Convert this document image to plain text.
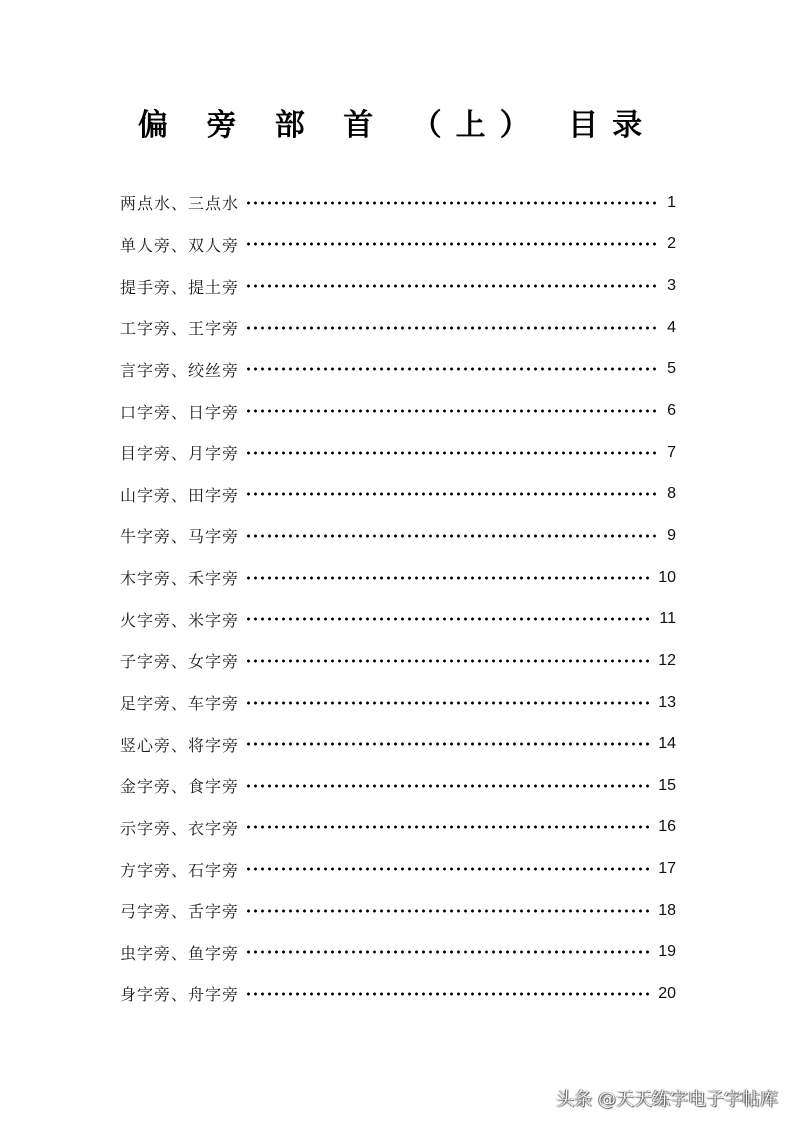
偏 旁 部 首 （上） 目录
两点水、三点水	1
单人旁、双人旁	2
提手旁、提土旁	3
工字旁、王字旁	4
言字旁、绞丝旁	5
口字旁、日字旁	6
目字旁、月字旁	7
山字旁、田字旁	8
牛字旁、马字旁	9
木字旁、禾字旁	10
火字旁、米字旁	11
子字旁、女字旁	12
足字旁、车字旁	13
竖心旁、将字旁	14
金字旁、食字旁	15
示字旁、衣字旁	16
方字旁、石字旁	17
弓字旁、舌字旁	18
虫字旁、鱼字旁	19
身字旁、舟字旁	20
头条 @天天练字电子字帖库
